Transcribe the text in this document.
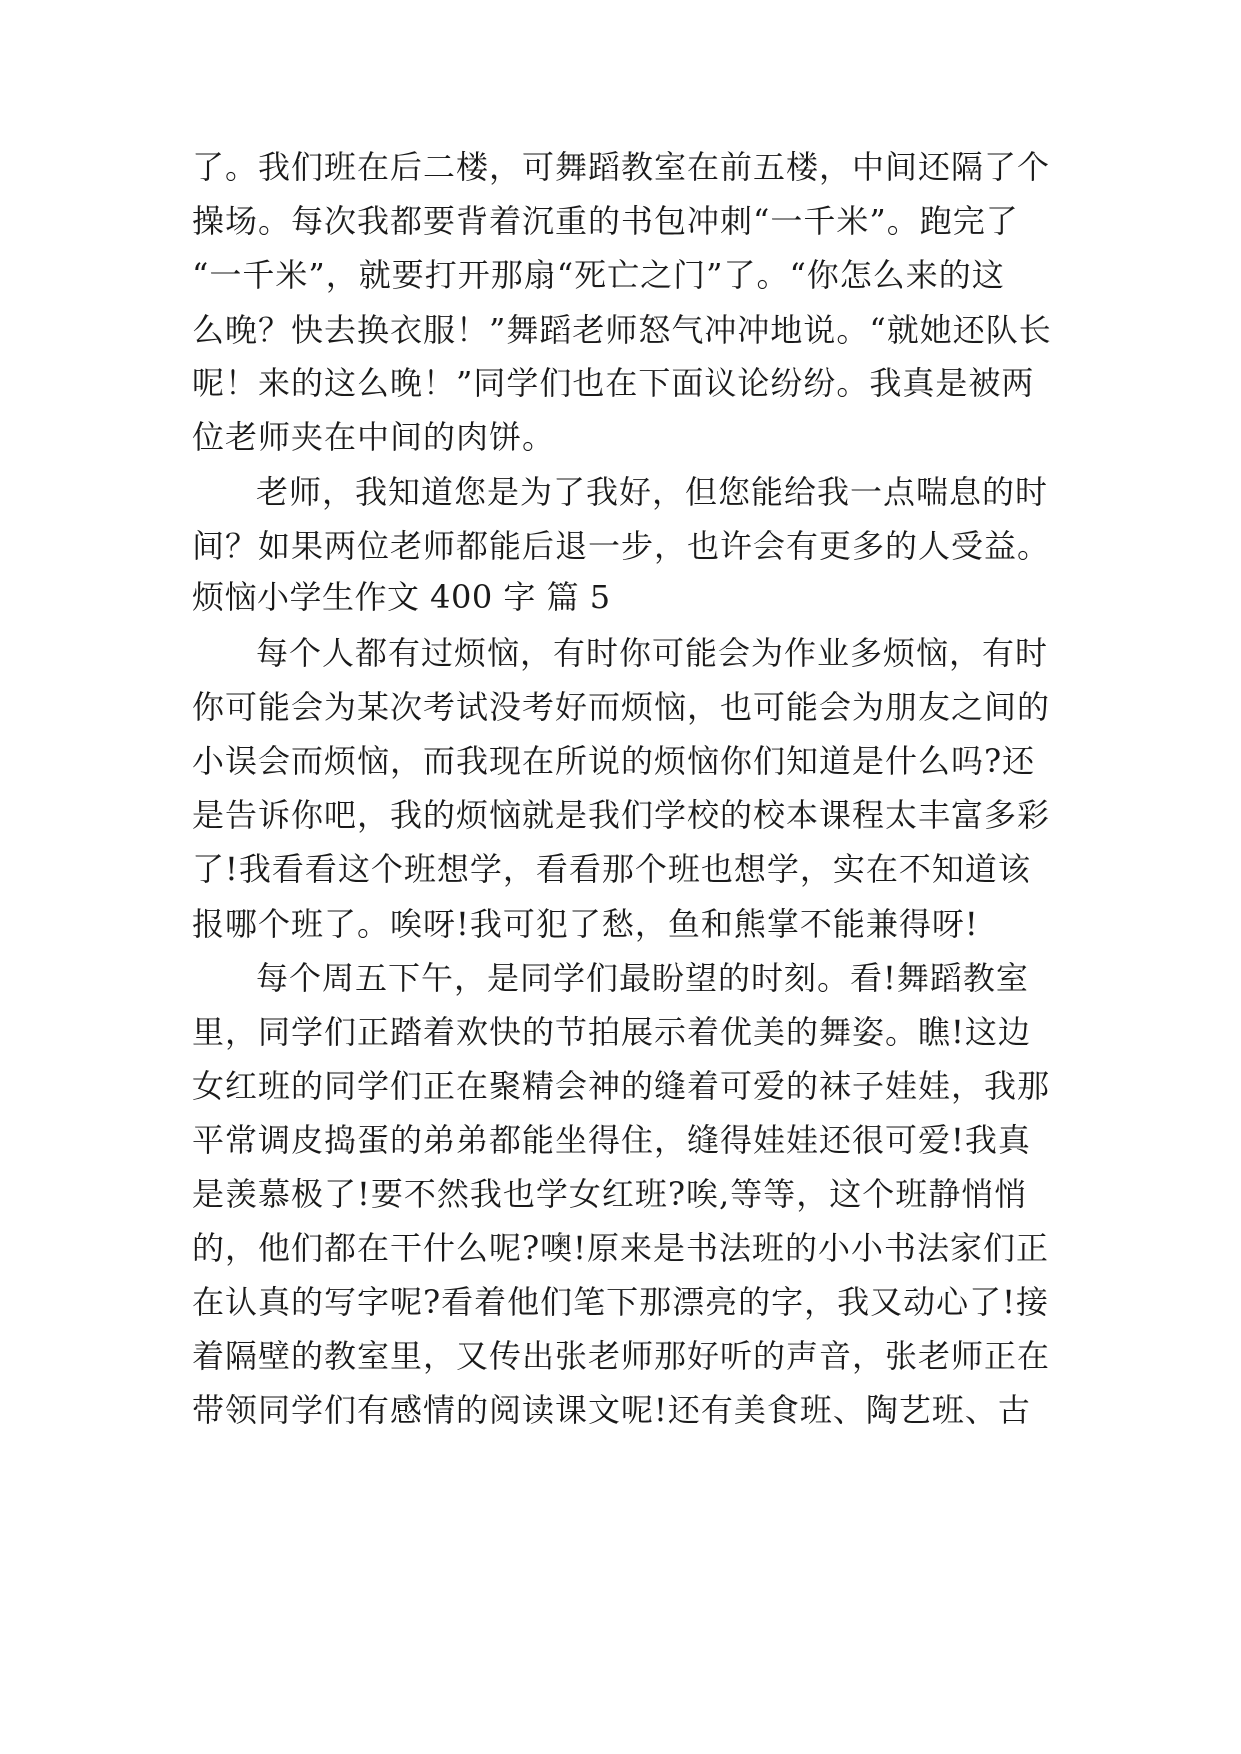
了。我们班在后二楼，可舞蹈教室在前五楼，中间还隔了个
操场。每次我都要背着沉重的书包冲刺“一千米”。跑完了
“一千米”，就要打开那扇“死亡之门”了。“你怎么来的这
么晚？快去换衣服！”舞蹈老师怒气冲冲地说。“就她还队长
呢！来的这么晚！”同学们也在下面议论纷纷。我真是被两
位老师夹在中间的肉饼。
老师，我知道您是为了我好，但您能给我一点喘息的时
间？如果两位老师都能后退一步，也许会有更多的人受益。
烦恼小学生作文 400 字 篇 5
每个人都有过烦恼，有时你可能会为作业多烦恼，有时
你可能会为某次考试没考好而烦恼，也可能会为朋友之间的
小误会而烦恼，而我现在所说的烦恼你们知道是什么吗?还
是告诉你吧，我的烦恼就是我们学校的校本课程太丰富多彩
了!我看看这个班想学，看看那个班也想学，实在不知道该
报哪个班了。唉呀!我可犯了愁，鱼和熊掌不能兼得呀!
每个周五下午，是同学们最盼望的时刻。看!舞蹈教室
里，同学们正踏着欢快的节拍展示着优美的舞姿。瞧!这边
女红班的同学们正在聚精会神的缝着可爱的袜子娃娃，我那
平常调皮捣蛋的弟弟都能坐得住，缝得娃娃还很可爱!我真
是羡慕极了!要不然我也学女红班?唉,等等，这个班静悄悄
的，他们都在干什么呢?噢!原来是书法班的小小书法家们正
在认真的写字呢?看着他们笔下那漂亮的字，我又动心了!接
着隔壁的教室里，又传出张老师那好听的声音，张老师正在
带领同学们有感情的阅读课文呢!还有美食班、陶艺班、古
